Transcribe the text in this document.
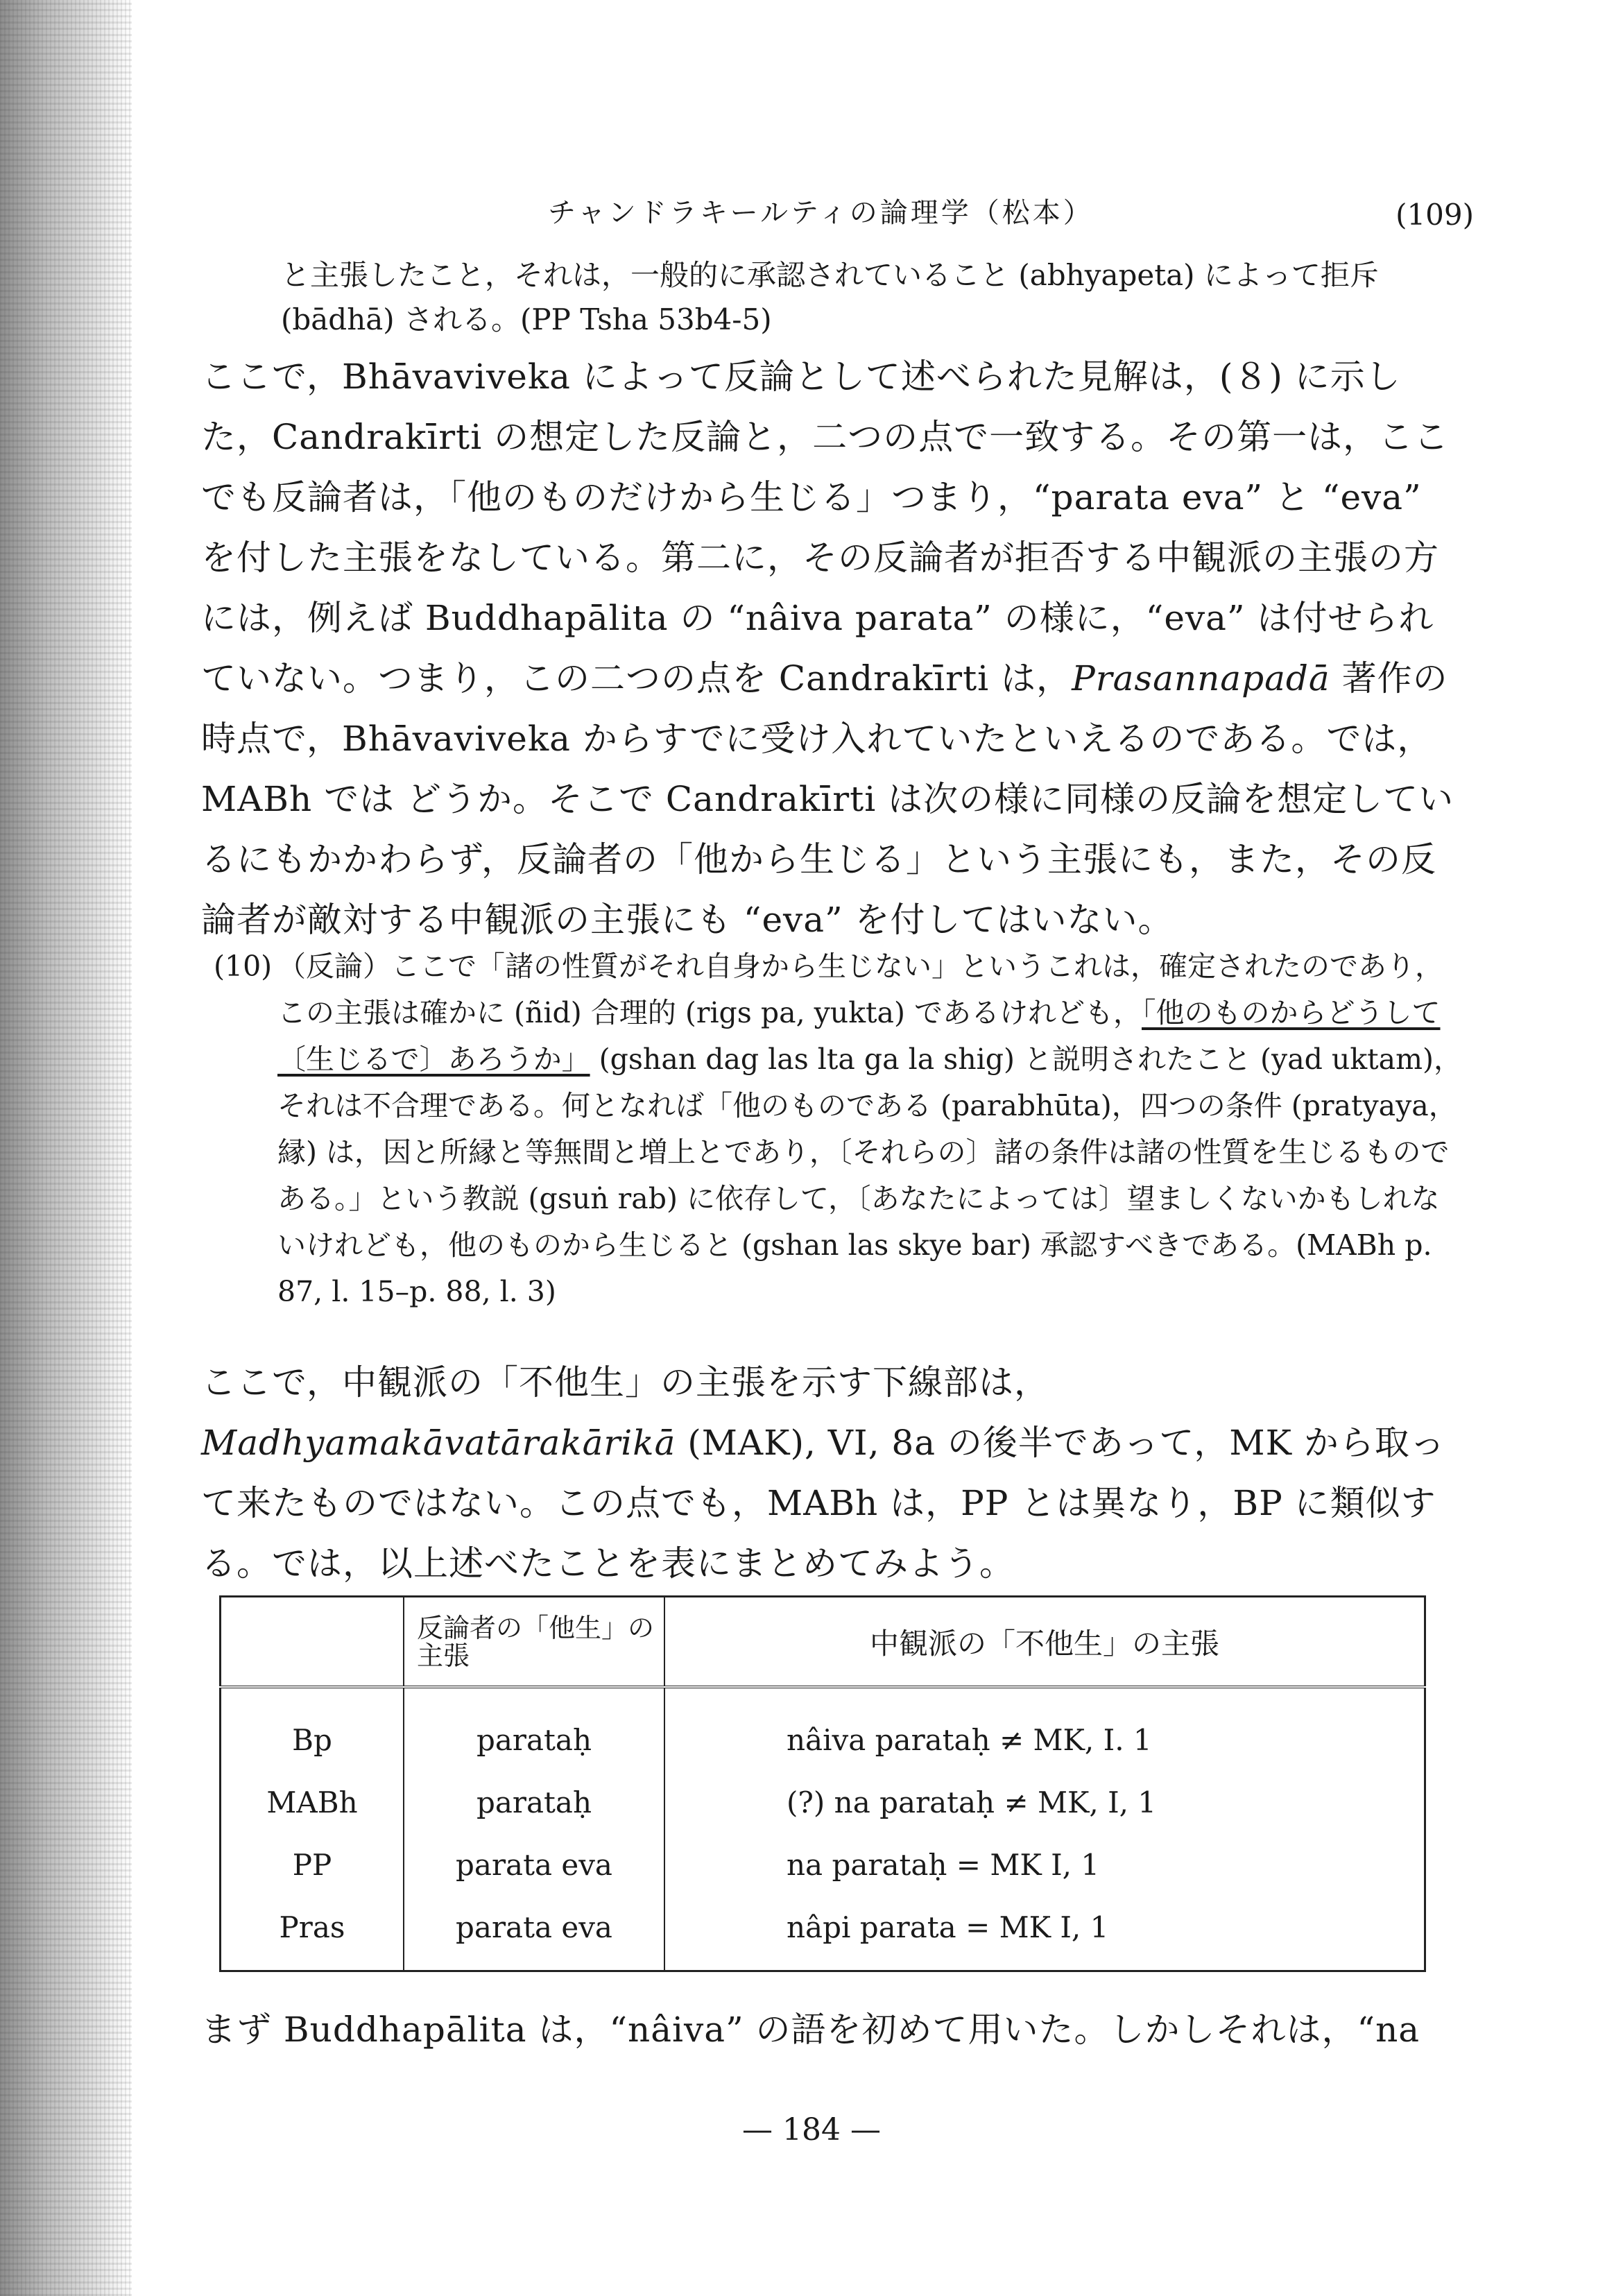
チャンドラキールティの論理学（松本）	(109)
と主張したこと，それは，一般的に承認されていること (abhyapeta) によって拒斥 (bādhā) される。(PP Tsha 53b4-5)
ここで，Bhāvaviveka によって反論として述べられた見解は，(８) に示した，Candrakīrti の想定した反論と，二つの点で一致する。その第一は，ここでも反論者は，「他のものだけから生じる」つまり，“parata eva” と “eva” を付した主張をなしている。第二に，その反論者が拒否する中観派の主張の方には，例えば Buddhapālita の “nâiva parata” の様に，“eva” は付せられていない。つまり，この二つの点を Candrakīrti は，Prasannapadā 著作の時点で，Bhāvaviveka からすでに受け入れていたといえるのである。では，MABh では どうか。そこで Candrakīrti は次の様に同様の反論を想定しているにもかかわらず，反論者の「他から生じる」という主張にも，また，その反論者が敵対する中観派の主張にも “eva” を付してはいない。
(10) （反論）ここで「諸の性質がそれ自身から生じない」というこれは，確定されたのであり，この主張は確かに (ñid) 合理的 (rigs pa, yukta) であるけれども，「他のものからどうして〔生じるで〕あろうか」 (gshan dag las lta ga la shig) と説明されたこと (yad uktam)，それは不合理である。何となれば「他のものである (parabhūta)，四つの条件 (pratyaya，縁) は，因と所縁と等無間と増上とであり，〔それらの〕諸の条件は諸の性質を生じるものである。」という教説 (gsuṅ rab) に依存して，〔あなたによっては〕望ましくないかもしれないけれども，他のものから生じると (gshan las skye bar) 承認すべきである。(MABh p. 87, l. 15–p. 88, l. 3)
ここで，中観派の「不他生」の主張を示す下線部は，Madhyamakāvatārakārikā (MAK), VI, 8a の後半であって，MK から取って来たものではない。この点でも，MABh は，PP とは異なり，BP に類似する。では，以上述べたことを表にまとめてみよう。
	反論者の「他生」の主張	中観派の「不他生」の主張
Bp	parataḥ	nâiva parataḥ ≠ MK, I. 1
MABh	parataḥ	(?) na parataḥ ≠ MK, I, 1
PP	parata eva	na parataḥ = MK I, 1
Pras	parata eva	nâpi parata = MK I, 1
まず Buddhapālita は，“nâiva” の語を初めて用いた。しかしそれは，“na
— 184 —
